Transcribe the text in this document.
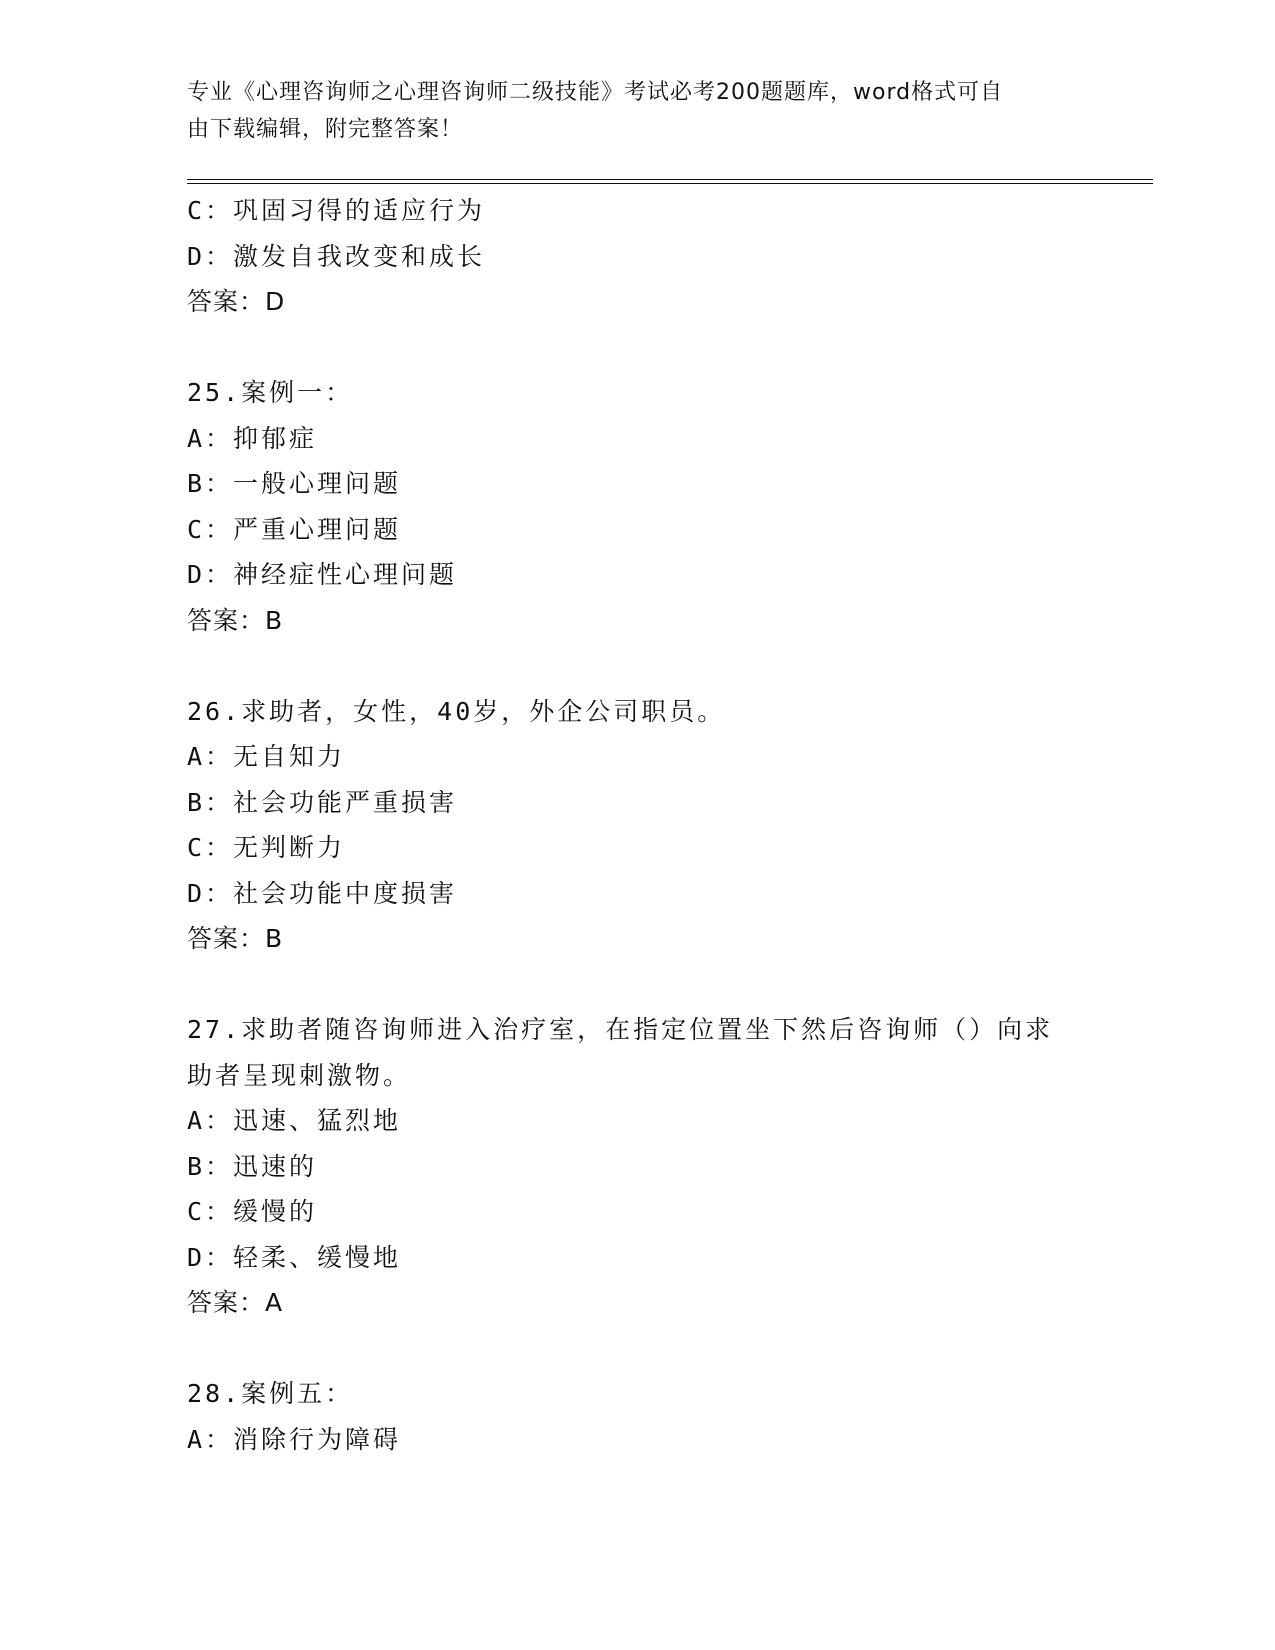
专业《心理咨询师之心理咨询师二级技能》考试必考200题题库，word格式可自
由下载编辑，附完整答案！
C：巩固习得的适应行为
D：激发自我改变和成长
答案：D
25.案例一：
A：抑郁症
B：一般心理问题
C：严重心理问题
D：神经症性心理问题
答案：B
26.求助者，女性，40岁，外企公司职员。
A：无自知力
B：社会功能严重损害
C：无判断力
D：社会功能中度损害
答案：B
27.求助者随咨询师进入治疗室，在指定位置坐下然后咨询师（）向求
助者呈现刺激物。
A：迅速、猛烈地
B：迅速的
C：缓慢的
D：轻柔、缓慢地
答案：A
28.案例五：
A：消除行为障碍
